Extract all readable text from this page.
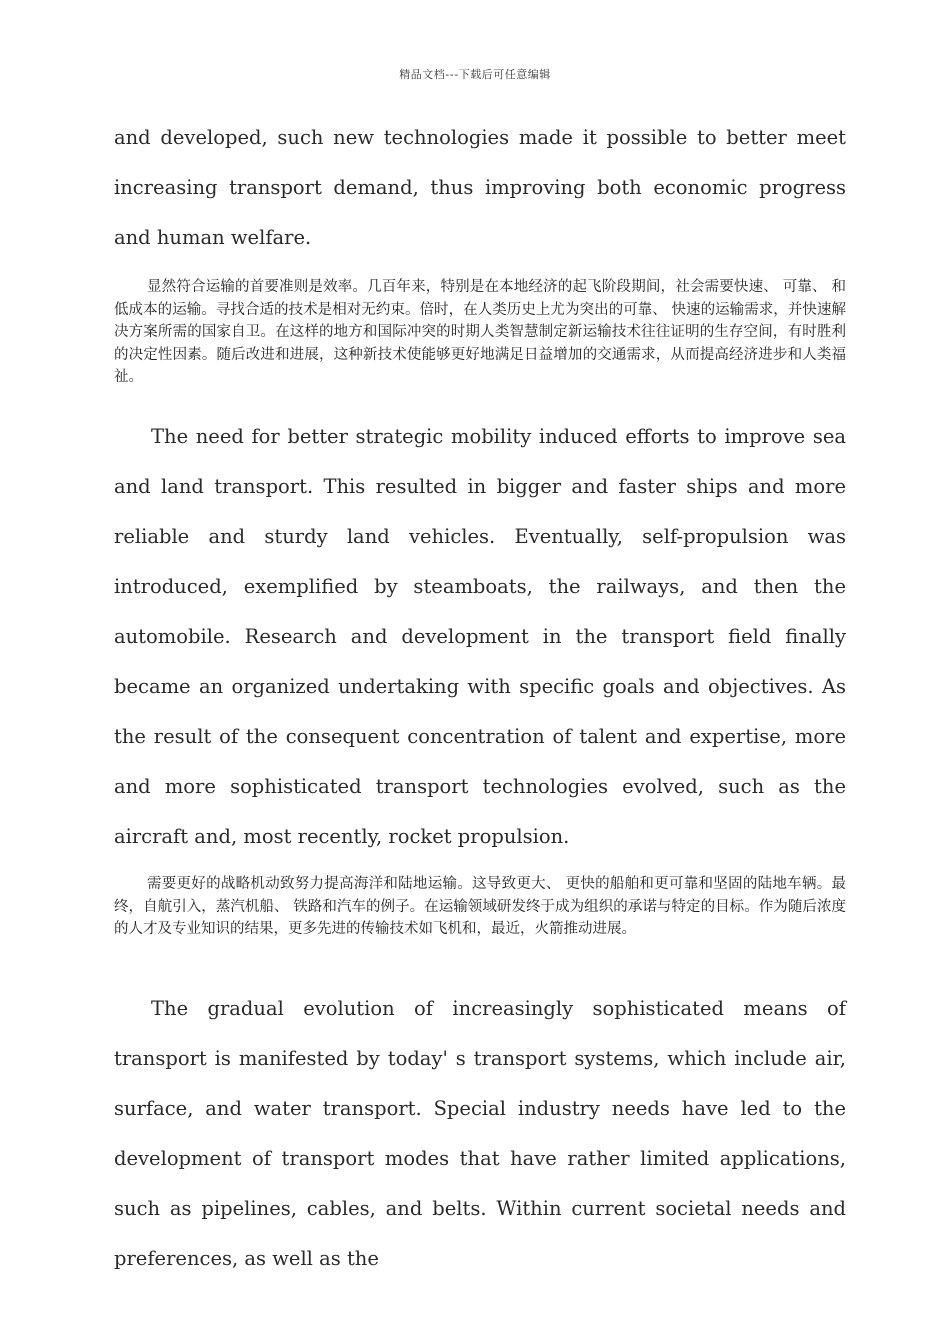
精品文档---下载后可任意编辑

and developed, such new technologies made it possible to better meet increasing transport demand, thus improving both economic progress and human welfare.

显然符合运输的首要准则是效率。几百年来，特别是在本地经济的起飞阶段期间，社会需要快速、 可靠、 和低成本的运输。寻找合适的技术是相对无约束。倍时，在人类历史上尤为突出的可靠、 快速的运输需求，并快速解决方案所需的国家自卫。在这样的地方和国际冲突的时期人类智慧制定新运输技术往往证明的生存空间，有时胜利的决定性因素。随后改进和进展，这种新技术使能够更好地满足日益增加的交通需求，从而提高经济进步和人类福祉。

The need for better strategic mobility induced efforts to improve sea and land transport. This resulted in bigger and faster ships and more reliable and sturdy land vehicles. Eventually, self-propulsion was introduced, exemplified by steamboats, the railways, and then the automobile. Research and development in the transport field finally became an organized undertaking with specific goals and objectives. As the result of the consequent concentration of talent and expertise, more and more sophisticated transport technologies evolved, such as the aircraft and, most recently, rocket propulsion.

需要更好的战略机动致努力提高海洋和陆地运输。这导致更大、 更快的船舶和更可靠和坚固的陆地车辆。最终，自航引入，蒸汽机船、 铁路和汽车的例子。在运输领域研发终于成为组织的承诺与特定的目标。作为随后浓度的人才及专业知识的结果，更多先进的传输技术如飞机和，最近，火箭推动进展。

The gradual evolution of increasingly sophisticated means of transport is manifested by today' s transport systems, which include air, surface, and water transport. Special industry needs have led to the development of transport modes that have rather limited applications, such as pipelines, cables, and belts. Within current societal needs and preferences, as well as the
